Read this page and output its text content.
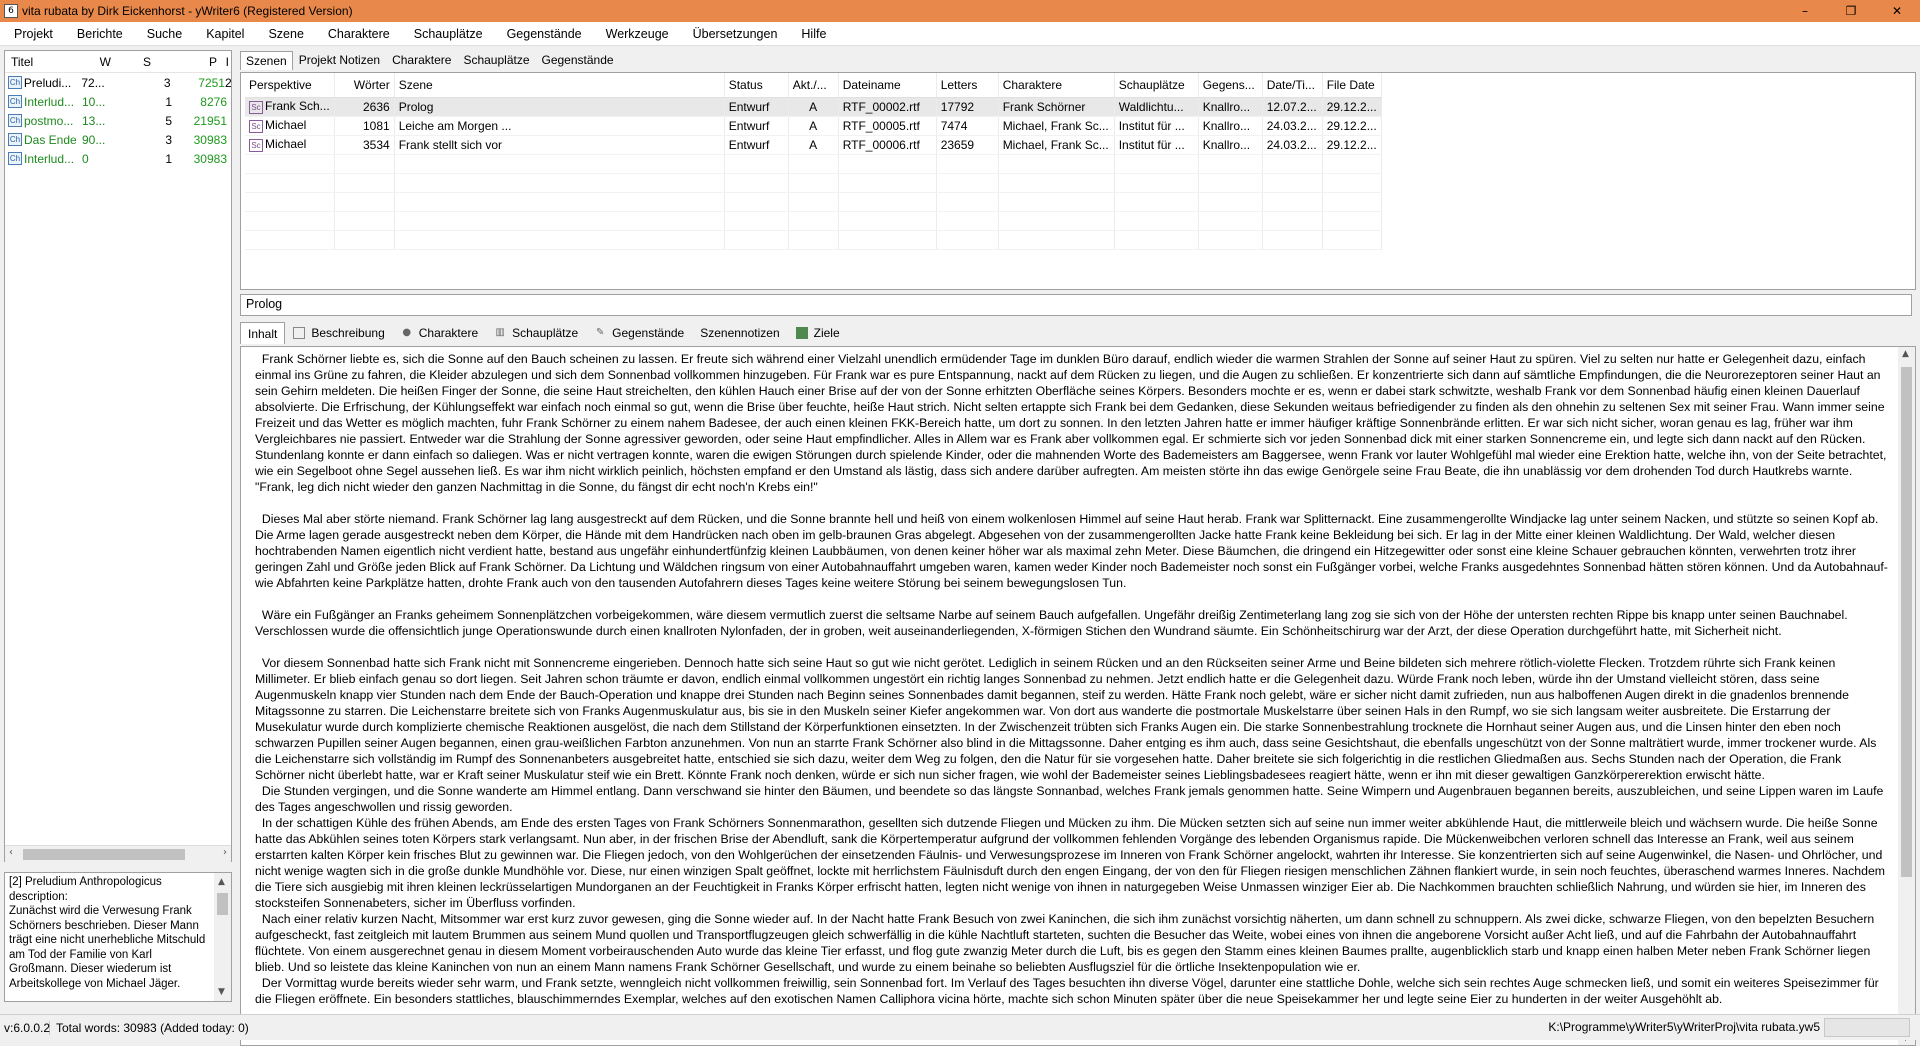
6 vita rubata by Dirk Eickenhorst - yWriter6 (Registered Version)	–	❐	✕
Projekt	Berichte	Suche	Kapitel	Szene	Charaktere	Schauplätze	Gegenstände	Werkzeuge	Übersetzungen	Hilfe
Titel	W	S	P I
Ch Preludi... 72...	3	7251 2
Ch Interlud... 10...	1	8276
Ch postmo... 13...	5	21951
Ch Das Ende 90...	3	30983
Ch Interlud... 0	1	30983
‹	›
[2] Preludium Anthropologicus
description:
Zunächst wird die Verwesung Frank Schörners beschrieben. Dieser Mann trägt eine nicht unerhebliche Mitschuld am Tod der Familie von Karl Großmann. Dieser wiederum ist Arbeitskollege von Michael Jäger.
▲
▼
Szenen	Projekt Notizen	Charaktere	Schauplätze	Gegenstände
Perspektive	Wörter	Szene	Status	Akt./...	Dateiname	Letters	Charaktere	Schauplätze	Gegens...	Date/Ti...	File Date
Sc Frank Sch...	2636	Prolog	Entwurf	A	RTF_00002.rtf	17792	Frank Schörner	Waldlichtu...	Knallro...	12.07.2...	29.12.2...
Sc Michael	1081	Leiche am Morgen ...	Entwurf	A	RTF_00005.rtf	7474	Michael, Frank Sc...	Institut für ...	Knallro...	24.03.2...	29.12.2...
Sc Michael	3534	Frank stellt sich vor	Entwurf	A	RTF_00006.rtf	23659	Michael, Frank Sc...	Institut für ...	Knallro...	24.03.2...	29.12.2...

Prolog
Inhalt	Beschreibung ● Charaktere ▥ Schauplätze ✎ Gegenstände Szenennotizen	Ziele

Frank Schörner liebte es, sich die Sonne auf den Bauch scheinen zu lassen. Er freute sich während einer Vielzahl unendlich ermüdender Tage im dunklen Büro darauf, endlich wieder die warmen Strahlen der Sonne auf seiner Haut zu spüren. Viel zu selten nur hatte er Gelegenheit dazu, einfach einmal ins Grüne zu fahren, die Kleider abzulegen und sich dem Sonnenbad vollkommen hinzugeben. Für Frank war es pure Entspannung, nackt auf dem Rücken zu liegen, und die Augen zu schließen. Er konzentrierte sich dann auf sämtliche Empfindungen, die die Neurorezeptoren seiner Haut an sein Gehirn meldeten. Die heißen Finger der Sonne, die seine Haut streichelten, den kühlen Hauch einer Brise auf der von der Sonne erhitzten Oberfläche seines Körpers. Besonders mochte er es, wenn er dabei stark schwitzte, weshalb Frank vor dem Sonnenbad häufig einen kleinen Dauerlauf absolvierte. Die Erfrischung, der Kühlungseffekt war einfach noch einmal so gut, wenn die Brise über feuchte, heiße Haut strich. Nicht selten ertappte sich Frank bei dem Gedanken, diese Sekunden weitaus befriedigender zu finden als den ohnehin zu seltenen Sex mit seiner Frau. Wann immer seine Freizeit und das Wetter es möglich machten, fuhr Frank Schörner zu einem nahem Badesee, der auch einen kleinen FKK-Bereich hatte, um dort zu sonnen. In den letzten Jahren hatte er immer häufiger kräftige Sonnenbrände erlitten. Er war sich nicht sicher, woran genau es lag, früher war ihm Vergleichbares nie passiert. Entweder war die Strahlung der Sonne agressiver geworden, oder seine Haut empfindlicher. Alles in Allem war es Frank aber vollkommen egal. Er schmierte sich vor jeden Sonnenbad dick mit einer starken Sonnencreme ein, und legte sich dann nackt auf den Rücken. Stundenlang konnte er dann einfach so daliegen. Was er nicht vertragen konnte, waren die ewigen Störungen durch spielende Kinder, oder die mahnenden Worte des Bademeisters am Baggersee, wenn Frank vor lauter Wohlgefühl mal wieder eine Erektion hatte, welche ihn, von der Seite betrachtet, wie ein Segelboot ohne Segel aussehen ließ. Es war ihm nicht wirklich peinlich, höchsten empfand er den Umstand als lästig, dass sich andere darüber aufregten. Am meisten störte ihn das ewige Genörgele seine Frau Beate, die ihn unablässig vor dem drohenden Tod durch Hautkrebs warnte. "Frank, leg dich nicht wieder den ganzen Nachmittag in die Sonne, du fängst dir echt noch'n Krebs ein!"

Dieses Mal aber störte niemand. Frank Schörner lag lang ausgestreckt auf dem Rücken, und die Sonne brannte hell und heiß von einem wolkenlosen Himmel auf seine Haut herab. Frank war Splitternackt. Eine zusammengerollte Windjacke lag unter seinem Nacken, und stützte so seinen Kopf ab. Die Arme lagen gerade ausgestreckt neben dem Körper, die Hände mit dem Handrücken nach oben im gelb-braunen Gras abgelegt. Abgesehen von der zusammengerollten Jacke hatte Frank keine Bekleidung bei sich. Er lag in der Mitte einer kleinen Waldlichtung. Der Wald, welcher diesen hochtrabenden Namen eigentlich nicht verdient hatte, bestand aus ungefähr einhundertfünfzig kleinen Laubbäumen, von denen keiner höher war als maximal zehn Meter. Diese Bäumchen, die dringend ein Hitzegewitter oder sonst eine kleine Schauer gebrauchen könnten, verwehrten trotz ihrer geringen Zahl und Größe jeden Blick auf Frank Schörner. Da Lichtung und Wäldchen ringsum von einer Autobahnauffahrt umgeben waren, kamen weder Kinder noch Bademeister noch sonst ein Fußgänger vorbei, welche Franks ausgedehntes Sonnenbad hätten stören können. Und da Autobahnauf- wie Abfahrten keine Parkplätze hatten, drohte Frank auch von den tausenden Autofahrern dieses Tages keine weitere Störung bei seinem bewegungslosen Tun.

Wäre ein Fußgänger an Franks geheimem Sonnenplätzchen vorbeigekommen, wäre diesem vermutlich zuerst die seltsame Narbe auf seinem Bauch aufgefallen. Ungefähr dreißig Zentimeterlang lang zog sie sich von der Höhe der untersten rechten Rippe bis knapp unter seinen Bauchnabel. Verschlossen wurde die offensichtlich junge Operationswunde durch einen knallroten Nylonfaden, der in groben, weit auseinanderliegenden, X-förmigen Stichen den Wundrand säumte. Ein Schönheitschirurg war der Arzt, der diese Operation durchgeführt hatte, mit Sicherheit nicht.

Vor diesem Sonnenbad hatte sich Frank nicht mit Sonnencreme eingerieben. Dennoch hatte sich seine Haut so gut wie nicht gerötet. Lediglich in seinem Rücken und an den Rückseiten seiner Arme und Beine bildeten sich mehrere rötlich-violette Flecken. Trotzdem rührte sich Frank keinen Millimeter. Er blieb einfach genau so dort liegen. Seit Jahren schon träumte er davon, endlich einmal vollkommen ungestört ein richtig langes Sonnenbad zu nehmen. Jetzt endlich hatte er die Gelegenheit dazu. Würde Frank noch leben, würde ihn der Umstand vielleicht stören, dass seine Augenmuskeln knapp vier Stunden nach dem Ende der Bauch-Operation und knappe drei Stunden nach Beginn seines Sonnenbades damit begannen, steif zu werden. Hätte Frank noch gelebt, wäre er sicher nicht damit zufrieden, nun aus halboffenen Augen direkt in die gnadenlos brennende Mitagssonne zu starren. Die Leichenstarre breitete sich von Franks Augenmuskulatur aus, bis sie in den Muskeln seiner Kiefer angekommen war. Von dort aus wanderte die postmortale Muskelstarre über seinen Hals in den Rumpf, wo sie sich langsam weiter ausbreitete. Die Erstarrung der Musekulatur wurde durch komplizierte chemische Reaktionen ausgelöst, die nach dem Stillstand der Körperfunktionen einsetzten. In der Zwischenzeit trübten sich Franks Augen ein. Die starke Sonnenbestrahlung trocknete die Hornhaut seiner Augen aus, und die Linsen hinter den eben noch schwarzen Pupillen seiner Augen begannen, einen grau-weißlichen Farbton anzunehmen. Von nun an starrte Frank Schörner also blind in die Mittagssonne. Daher entging es ihm auch, dass seine Gesichtshaut, die ebenfalls ungeschützt von der Sonne malträtiert wurde, immer trockener wurde. Als die Leichenstarre sich vollständig im Rumpf des Sonnenanbeters ausgebreitet hatte, entschied sie sich dazu, weiter dem Weg zu folgen, den die Natur für sie vorgesehen hatte. Daher breitete sie sich folgerichtig in die restlichen Gliedmaßen aus. Sechs Stunden nach der Operation, die Frank Schörner nicht überlebt hatte, war er Kraft seiner Muskulatur steif wie ein Brett. Könnte Frank noch denken, würde er sich nun sicher fragen, wie wohl der Bademeister seines Lieblingsbadesees reagiert hätte, wenn er ihn mit dieser gewaltigen Ganzkörpererektion erwischt hätte.

Die Stunden vergingen, und die Sonne wanderte am Himmel entlang. Dann verschwand sie hinter den Bäumen, und beendete so das längste Sonnanbad, welches Frank jemals genommen hatte. Seine Wimpern und Augenbrauen begannen bereits, auszubleichen, und seine Lippen waren im Laufe des Tages angeschwollen und rissig geworden.

In der schattigen Kühle des frühen Abends, am Ende des ersten Tages von Frank Schörners Sonnenmarathon, gesellten sich dutzende Fliegen und Mücken zu ihm. Die Mücken setzten sich auf seine nun immer weiter abkühlende Haut, die mittlerweile bleich und wächsern wurde. Die heiße Sonne hatte das Abkühlen seines toten Körpers stark verlangsamt. Nun aber, in der frischen Brise der Abendluft, sank die Körpertemperatur aufgrund der vollkommen fehlenden Vorgänge des lebenden Organismus rapide. Die Mückenweibchen verloren schnell das Interesse an Frank, weil aus seinem erstarrten kalten Körper kein frisches Blut zu gewinnen war. Die Fliegen jedoch, von den Wohlgerüchen der einsetzenden Fäulnis- und Verwesungsprozese im Inneren von Frank Schörner angelockt, wahrten ihr Interesse. Sie konzentrierten sich auf seine Augenwinkel, die Nasen- und Ohrlöcher, und nicht wenige wagten sich in die große dunkle Mundhöhle vor. Diese, nur einen winzigen Spalt geöffnet, lockte mit herrlichstem Fäulnisduft durch den engen Eingang, der von den für Fliegen riesigen menschlichen Zähnen flankiert wurde, in sein noch feuchtes, überaschend warmes Inneres. Nachdem die Tiere sich ausgiebig mit ihren kleinen leckrüsselartigen Mundorganen an der Feuchtigkeit in Franks Körper erfrischt hatten, legten nicht wenige von ihnen in naturgegeben Weise Unmassen winziger Eier ab. Die Nachkommen brauchten schließlich Nahrung, und würden sie hier, im Inneren des stocksteifen Sonnenabeters, sicher im Überfluss vorfinden.

Nach einer relativ kurzen Nacht, Mitsommer war erst kurz zuvor gewesen, ging die Sonne wieder auf. In der Nacht hatte Frank Besuch von zwei Kaninchen, die sich ihm zunächst vorsichtig näherten, um dann schnell zu schnuppern. Als zwei dicke, schwarze Fliegen, von den bepelzten Besuchern aufgescheckt, fast zeitgleich mit lautem Brummen aus seinem Mund quollen und Transportflugzeugen gleich schwerfällig in die kühle Nachtluft starteten, suchten die Besucher das Weite, wobei eines von ihnen die angeborene Vorsicht außer Acht ließ, und auf die Fahrbahn der Autobahnauffahrt flüchtete. Von einem ausgerechnet genau in diesem Moment vorbeirauschenden Auto wurde das kleine Tier erfasst, und flog gute zwanzig Meter durch die Luft, bis es gegen den Stamm eines kleinen Baumes prallte, augenblicklich starb und knapp einen halben Meter neben Frank Schörner liegen blieb. Und so leistete das kleine Kaninchen von nun an einem Mann namens Frank Schörner Gesellschaft, und wurde zu einem beinahe so beliebten Ausflugsziel für die örtliche Insektenpopulation wie er.

Der Vormittag wurde bereits wieder sehr warm, und Frank setzte, wenngleich nicht vollkommen freiwillig, sein Sonnenbad fort. Im Verlauf des Tages besuchten ihn diverse Vögel, darunter eine stattliche Dohle, welche sich sein rechtes Auge schmecken ließ, und somit ein weiteres Speisezimmer für die Fliegen eröffnete. Ein besonders stattliches, blauschimmerndes Exemplar, welches auf den exotischen Namen Calliphora vicina hörte, machte sich schon Minuten später über die neue Speisekammer her und legte seine Eier zu hunderten in der weiter Ausgehöhlt ab.

▲
v:6.0.0.2 Total words: 30983 (Added today: 0)	K:\Programme\yWriter5\yWriterProj\vita rubata.yw5
